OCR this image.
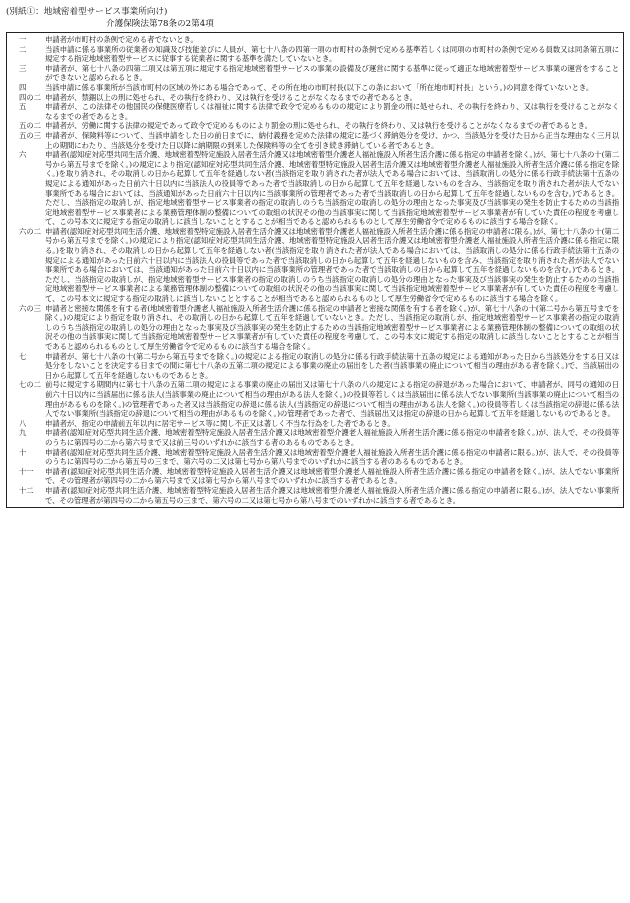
(別紙①：地域密着型サービス事業所向け)
介護保険法第78条の2第4項
一	申請者が市町村の条例で定める者でないとき。
二	当該申請に係る事業所の従業者の知識及び技能並びに人員が、第七十八条の四第一項の市町村の条例で定める基準若しくは同項の市町村の条例で定める員数又は同条第五項に規定する指定地域密着型サービスに従事する従業者に関する基準を満たしていないとき。
三	申請者が、第七十八条の四第二項又は第五項に規定する指定地域密着型サービスの事業の設備及び運営に関する基準に従って適正な地域密着型サービス事業の運営をすることができないと認められるとき。
四	当該申請に係る事業所が当該市町村の区域の外にある場合であって、その所在地の市町村長(以下この条において「所在地市町村長」という。)の同意を得ていないとき。
四の二 申請者が、禁錮以上の刑に処せられ、その執行を終わり、又は執行を受けることがなくなるまでの者であるとき。
五	申請者が、この法律その他国民の保健医療若しくは福祉に関する法律で政令で定めるものの規定により罰金の刑に処せられ、その執行を終わり、又は執行を受けることがなくなるまでの者であるとき。
五の二 申請者が、労働に関する法律の規定であって政令で定めるものにより罰金の刑に処せられ、その執行を終わり、又は執行を受けることがなくなるまでの者であるとき。
五の三 申請者が、保険料等について、当該申請をした日の前日までに、納付義務を定めた法律の規定に基づく滞納処分を受け、かつ、当該処分を受けた日から正当な理由なく三月以上の期間にわたり、当該処分を受けた日以降に納期限の到来した保険料等の全てを引き続き滞納している者であるとき。
六	申請者(認知症対応型共同生活介護、地域密着型特定施設入居者生活介護又は地域密着型介護老人福祉施設入所者生活介護に係る指定の申請者を除く。)が、第七十八条の十(第二号から第五号までを除く。)の規定により指定(認知症対応型共同生活介護、地域密着型特定施設入居者生活介護又は地域密着型介護老人福祉施設入所者生活介護に係る指定を除く。)を取り消され、その取消しの日から起算して五年を経過しない者(当該指定を取り消された者が法人である場合においては、当該取消しの処分に係る行政手続法第十五条の規定による通知があった日前六十日以内に当該法人の役員等であった者で当該取消しの日から起算して五年を経過しないものを含み、当該指定を取り消された者が法人でない事業所である場合においては、当該通知があった日前六十日以内に当該事業所の管理者であった者で当該取消しの日から起算して五年を経過しないものを含む。)であるとき。ただし、当該指定の取消しが、指定地域密着型サービス事業者の指定の取消しのうち当該指定の取消しの処分の理由となった事実及び当該事実の発生を防止するための当該指定地域密着型サービス事業者による業務管理体制の整備についての取組の状況その他の当該事実に関して当該指定地域密着型サービス事業者が有していた責任の程度を考慮して、この号本文に規定する指定の取消しに該当しないこととすることが相当であると認められるものとして厚生労働省令で定めるものに該当する場合を除く。
六の二 申請者(認知症対応型共同生活介護、地域密着型特定施設入居者生活介護又は地域密着型介護老人福祉施設入所者生活介護に係る指定の申請者に限る。)が、第七十八条の十(第二号から第五号までを除く。)の規定により指定(認知症対応型共同生活介護、地域密着型特定施設入居者生活介護又は地域密着型介護老人福祉施設入所者生活介護に係る指定に限る。)を取り消され、その取消しの日から起算して五年を経過しない者(当該指定を取り消された者が法人である場合においては、当該取消しの処分に係る行政手続法第十五条の規定による通知があった日前六十日以内に当該法人の役員等であった者で当該取消しの日から起算して五年を経過しないものを含み、当該指定を取り消された者が法人でない事業所である場合においては、当該通知があった日前六十日以内に当該事業所の管理者であった者で当該取消しの日から起算して五年を経過しないものを含む。)であるとき。ただし、当該指定の取消しが、指定地域密着型サービス事業者の指定の取消しのうち当該指定の取消しの処分の理由となった事実及び当該事実の発生を防止するための当該指定地域密着型サービス事業者による業務管理体制の整備についての取組の状況その他の当該事実に関して当該指定地域密着型サービス事業者が有していた責任の程度を考慮して、この号本文に規定する指定の取消しに該当しないこととすることが相当であると認められるものとして厚生労働省令で定めるものに該当する場合を除く。
六の三 申請者と密接な関係を有する者(地域密着型介護老人福祉施設入所者生活介護に係る指定の申請者と密接な関係を有する者を除く。)が、第七十八条の十(第二号から第五号までを除く。)の規定により指定を取り消され、その取消しの日から起算して五年を経過していないとき。ただし、当該指定の取消しが、指定地域密着型サービス事業者の指定の取消しのうち当該指定の取消しの処分の理由となった事実及び当該事実の発生を防止するための当該指定地域密着型サービス事業者による業務管理体制の整備についての取組の状況その他の当該事実に関して当該指定地域密着型サービス事業者が有していた責任の程度を考慮して、この号本文に規定する指定の取消しに該当しないこととすることが相当であると認められるものとして厚生労働省令で定めるものに該当する場合を除く。
七	申請者が、第七十八条の十(第二号から第五号までを除く。)の規定による指定の取消しの処分に係る行政手続法第十五条の規定による通知があった日から当該処分をする日又は処分をしないことを決定する日までの間に第七十八条の五第二項の規定による事業の廃止の届出をした者(当該事業の廃止について相当の理由がある者を除く。)で、当該届出の日から起算して五年を経過しないものであるとき。
七の二 前号に規定する期間内に第七十八条の五第二項の規定による事業の廃止の届出又は第七十八条の八の規定による指定の辞退があった場合において、申請者が、同号の通知の日前六十日以内に当該届出に係る法人(当該事業の廃止について相当の理由がある法人を除く。)の役員等若しくは当該届出に係る法人でない事業所(当該事業の廃止について相当の理由があるものを除く。)の管理者であった者又は当該指定の辞退に係る法人(当該指定の辞退について相当の理由がある法人を除く。)の役員等若しくは当該指定の辞退に係る法人でない事業所(当該指定の辞退について相当の理由があるものを除く。)の管理者であった者で、当該届出又は指定の辞退の日から起算して五年を経過しないものであるとき。
八	申請者が、指定の申請前五年以内に居宅サービス等に関し不正又は著しく不当な行為をした者であるとき。
九	申請者(認知症対応型共同生活介護、地域密着型特定施設入居者生活介護又は地域密着型介護老人福祉施設入所者生活介護に係る指定の申請者を除く。)が、法人で、その役員等のうちに第四号の二から第六号まで又は前三号のいずれかに該当する者のあるものであるとき。
十	申請者(認知症対応型共同生活介護、地域密着型特定施設入居者生活介護又は地域密着型介護老人福祉施設入所者生活介護に係る指定の申請者に限る。)が、法人で、その役員等のうちに第四号の二から第五号の三まで、第六号の二又は第七号から第八号までのいずれかに該当する者のあるものであるとき。
十一	申請者(認知症対応型共同生活介護、地域密着型特定施設入居者生活介護又は地域密着型介護老人福祉施設入所者生活介護に係る指定の申請者を除く。)が、法人でない事業所で、その管理者が第四号の二から第六号まで又は第七号から第八号までのいずれかに該当する者であるとき。
十二	申請者(認知症対応型共同生活介護、地域密着型特定施設入居者生活介護又は地域密着型介護老人福祉施設入所者生活介護に係る指定の申請者に限る。)が、法人でない事業所で、その管理者が第四号の二から第五号の三まで、第六号の二又は第七号から第八号までのいずれかに該当する者であるとき。
